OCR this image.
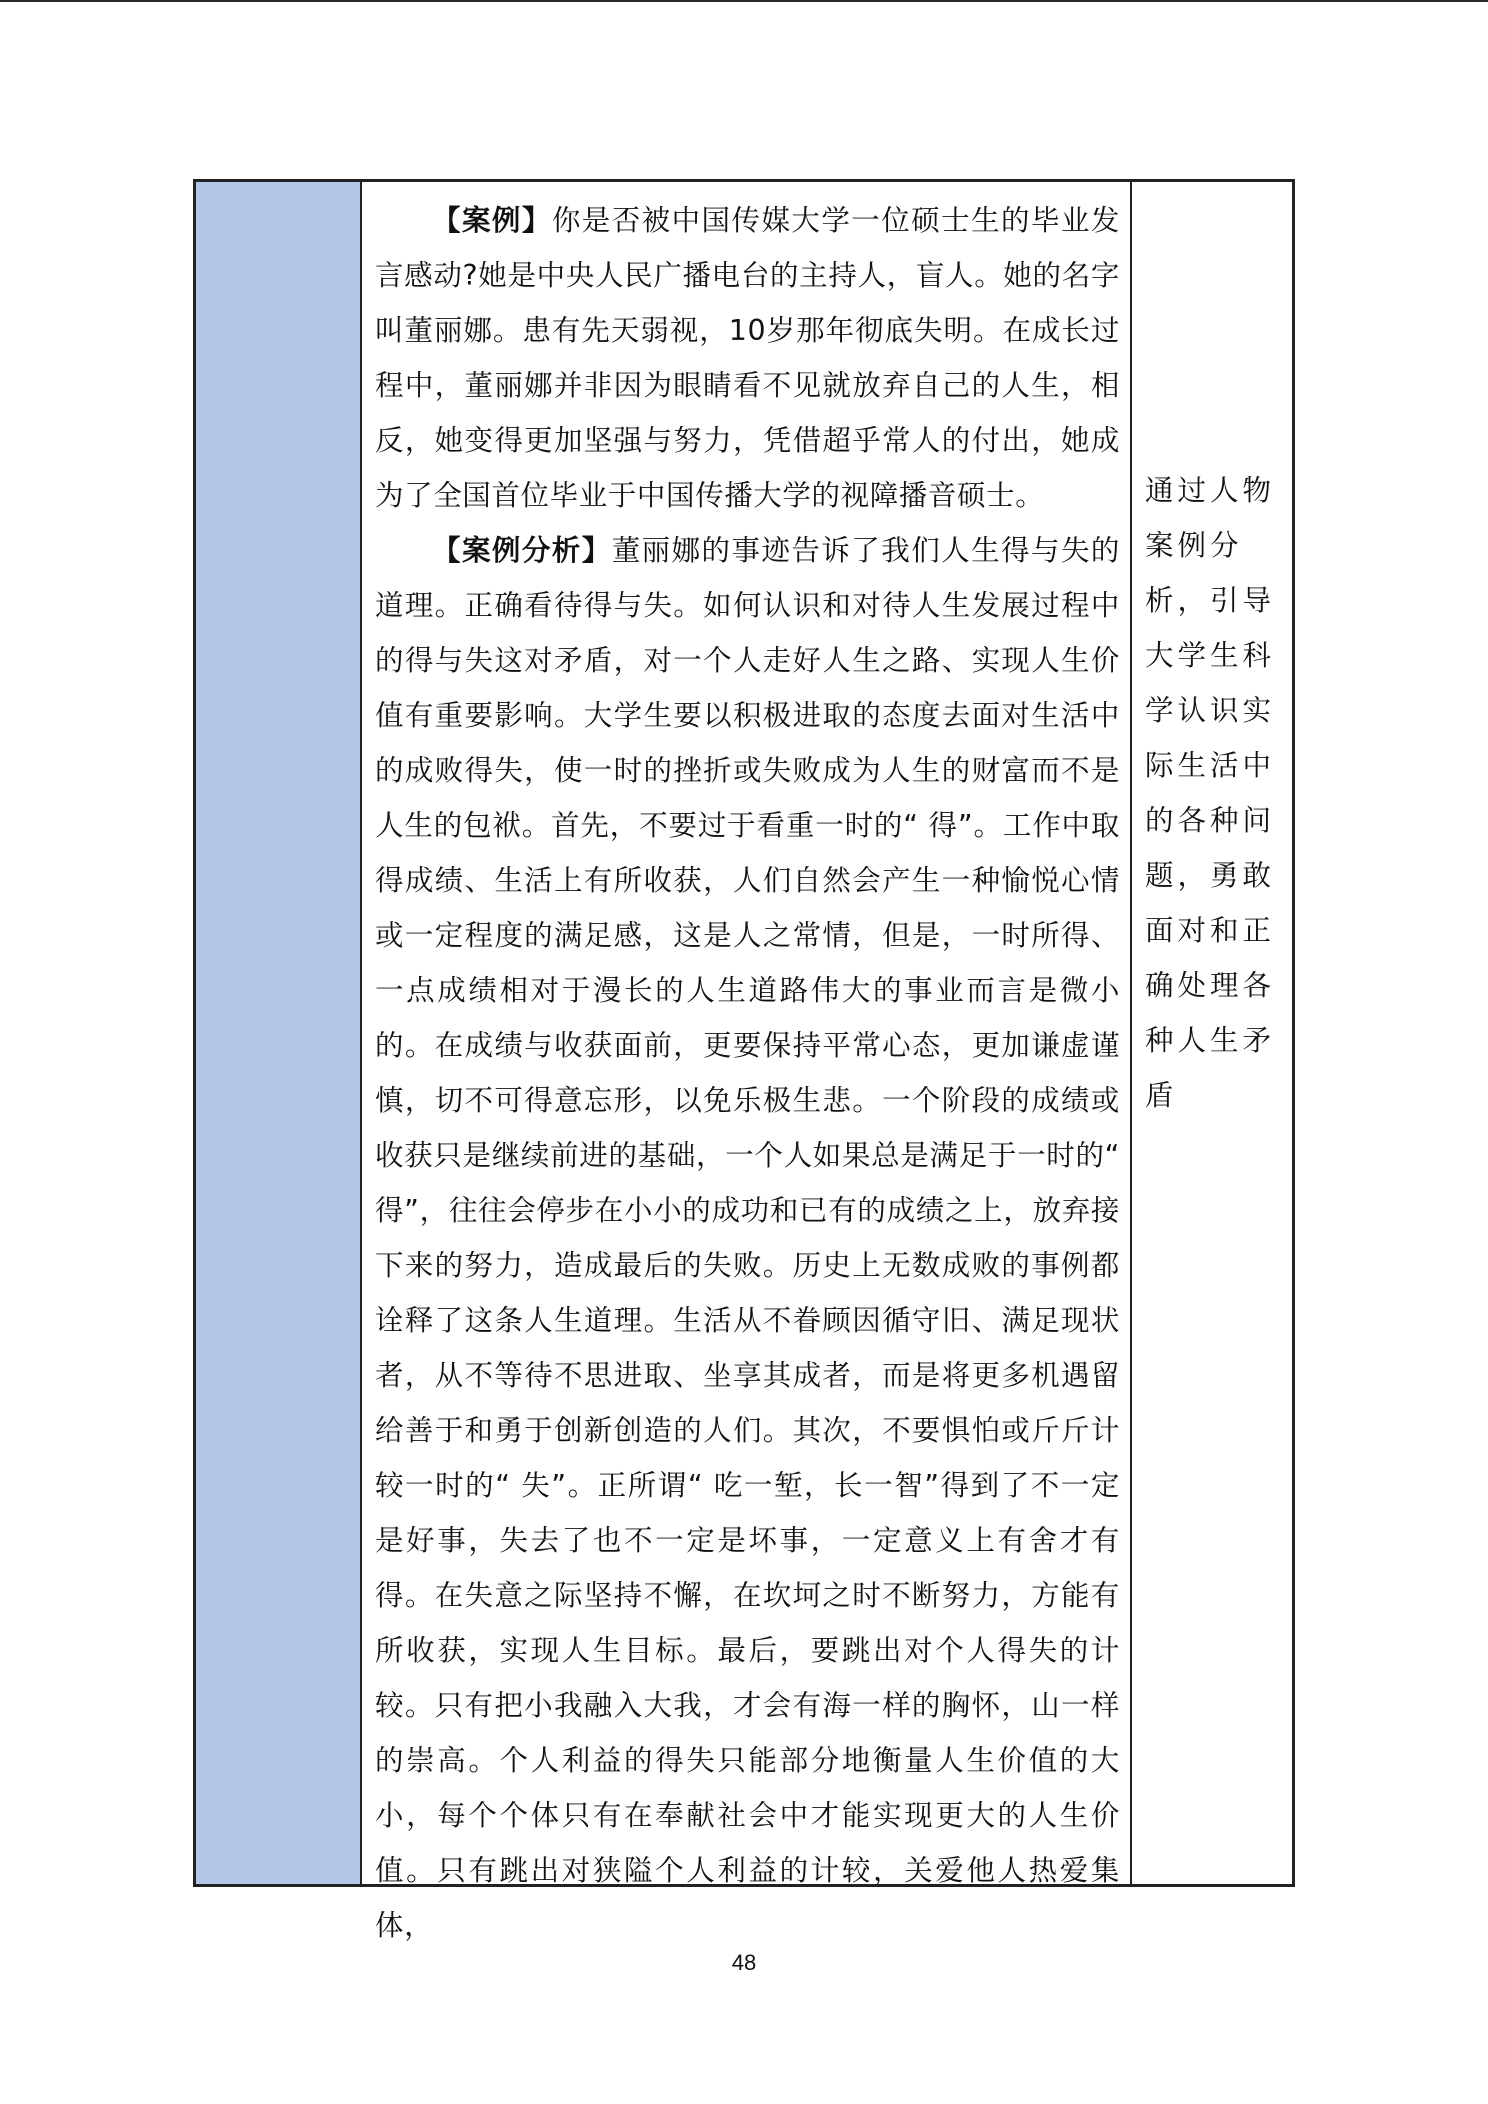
【案例】你是否被中国传媒大学一位硕士生的毕业发言感动?她是中央人民广播电台的主持人，盲人。她的名字叫董丽娜。患有先天弱视，10岁那年彻底失明。在成长过程中，董丽娜并非因为眼睛看不见就放弃自己的人生，相反，她变得更加坚强与努力，凭借超乎常人的付出，她成为了全国首位毕业于中国传播大学的视障播音硕士。

【案例分析】董丽娜的事迹告诉了我们人生得与失的道理。正确看待得与失。如何认识和对待人生发展过程中的得与失这对矛盾，对一个人走好人生之路、实现人生价值有重要影响。大学生要以积极进取的态度去面对生活中的成败得失，使一时的挫折或失败成为人生的财富而不是人生的包袱。首先，不要过于看重一时的“ 得”。工作中取得成绩、生活上有所收获，人们自然会产生一种愉悦心情或一定程度的满足感，这是人之常情，但是，一时所得、一点成绩相对于漫长的人生道路伟大的事业而言是微小的。在成绩与收获面前，更要保持平常心态，更加谦虚谨慎，切不可得意忘形，以免乐极生悲。一个阶段的成绩或收获只是继续前进的基础，一个人如果总是满足于一时的“ 得”，往往会停步在小小的成功和已有的成绩之上，放弃接下来的努力，造成最后的失败。历史上无数成败的事例都诠释了这条人生道理。生活从不眷顾因循守旧、满足现状者，从不等待不思进取、坐享其成者，而是将更多机遇留给善于和勇于创新创造的人们。其次，不要惧怕或斤斤计较一时的“ 失”。正所谓“ 吃一堑，长一智”得到了不一定是好事，失去了也不一定是坏事，一定意义上有舍才有得。在失意之际坚持不懈，在坎坷之时不断努力，方能有所收获，实现人生目标。最后，要跳出对个人得失的计较。只有把小我融入大我，才会有海一样的胸怀，山一样的崇高。个人利益的得失只能部分地衡量人生价值的大小，每个个体只有在奉献社会中才能实现更大的人生价值。只有跳出对狭隘个人利益的计较，关爱他人热爱集体，

通过人物案例分析，引导大学生科学认识实际生活中的各种问题，勇敢面对和正确处理各种人生矛盾

48
